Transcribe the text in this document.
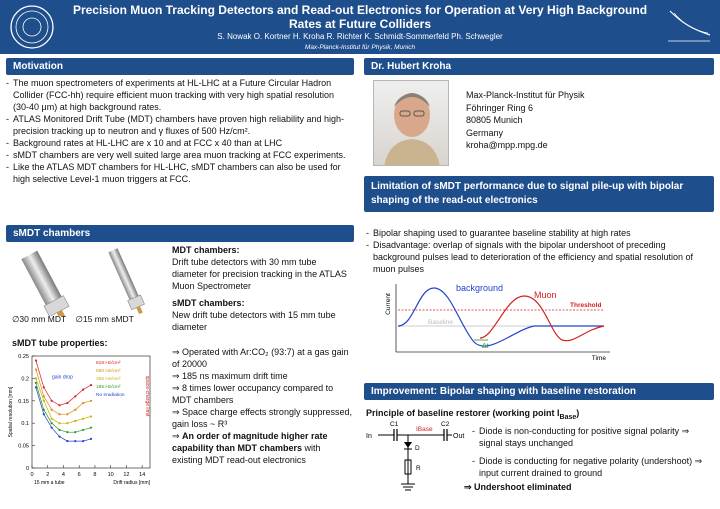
Precision Muon Tracking Detectors and Read-out Electronics for Operation at Very High Background Rates at Future Colliders
S. Nowak O. Kortner H. Kroha R. Richter K. Schmidt-Sommerfeld Ph. Schwegler
Max-Planck-Institut für Physik, Munich
Motivation
- The muon spectrometers of experiments at HL-LHC at a Future Circular Hadron Collider (FCC-hh) require efficient muon tracking with very high spatial resolution (30-40 μm) at high background rates.
- ATLAS Monitored Drift Tube (MDT) chambers have proven high reliability and high-precision tracking up to neutron and γ fluxes of 500 Hz/cm².
- Background rates at HL-LHC are x 10 and at FCC x 40 than at LHC
- sMDT chambers are very well suited large area muon tracking at FCC experiments.
- Like the ATLAS MDT chambers for HL-LHC, sMDT chambers can also be used for high selective Level-1 muon triggers at FCC.
Dr. Hubert Kroha
Max-Planck-Institut für Physik
Föhringer Ring 6
80805 Munich
Germany
kroha@mpp.mpg.de
Limitation of sMDT performance due to signal pile-up with bipolar shaping of the read-out electronics
- Bipolar shaping used to guarantee baseline stability at high rates
- Disadvantage: overlap of signals with the bipolar undershoot of preceding background pulses lead to deterioration of the efficiency and spatial resolution of muon pulses
Current
Time
Baseline
Threshold
background
Muon
Δt
Improvement: Bipolar shaping with baseline restoration
Principle of baseline restorer (working point $I_{Base}$)
In
C1	C2
Out
D
IBase
R
- Diode is non-conducting for positive signal polarity ⇒ signal stays unchanged
- Diode is conducting for negative polarity (undershoot) ⇒ input current drained to ground
⇒ Undershoot eliminated
sMDT chambers
∅30 mm MDT ∅15 mm sMDT
MDT chambers:
Drift tube detectors with 30 mm tube diameter for precision tracking in the ATLAS Muon Spectrometer
sMDT chambers:
New drift tube detectors with 15 mm tube diameter
sMDT tube properties:
0
0.05
0.1
0.15
0.2
0.25
0 2 4 6 8 10 12 14
Drift radius [mm]
Spatial resolution [mm]
15 mm a tube
gain drop	space-charge limit
818 Hz/cm²
550 Hz/cm²
356 Hz/cm²
185 Hz/cm²
No irradiation
⇒ Operated with Ar:CO₂ (93:7) at a gas gain of 20000
⇒ 185 ns maximum drift time
⇒ 8 times lower occupancy compared to MDT chambers
⇒ Space charge effects strongly suppressed, gain loss ~ R³
⇒ An order of magnitude higher rate capability than MDT chambers with existing MDT read-out electronics
